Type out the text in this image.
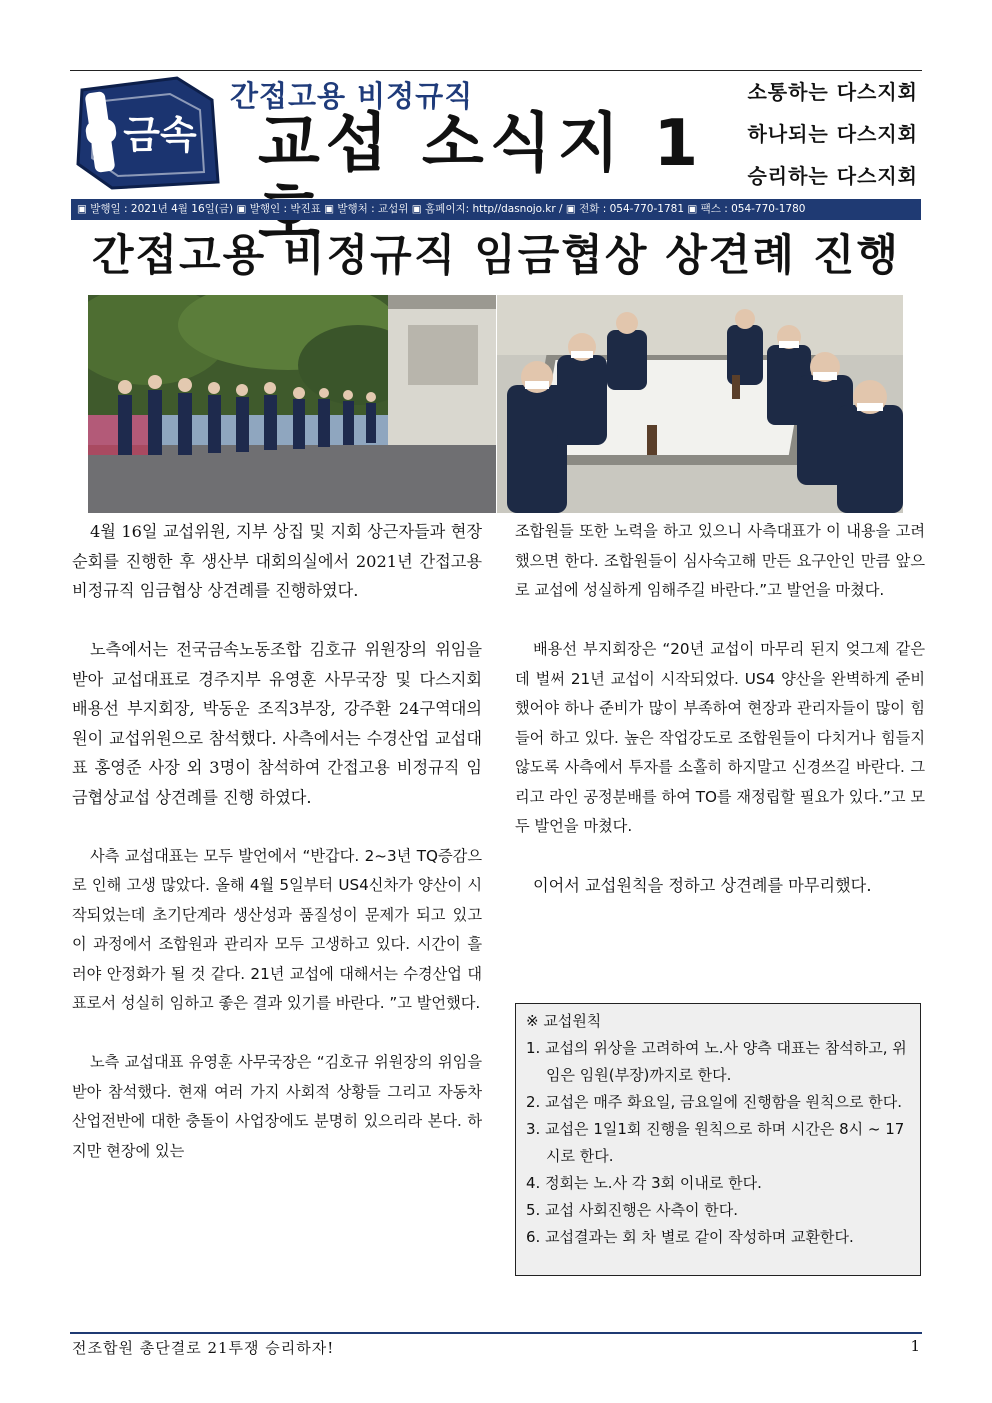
금속
간접고용 비정규직
교섭 소식지 1
소통하는 다스지회
하나되는 다스지회
승리하는 다스지회
▣ 발행일 : 2021년 4월 16일(금) ▣ 발행인 : 박진표 ▣ 발행처 : 교섭위 ▣ 홈페이지: http//dasnojo.kr / ▣ 전화 : 054-770-1781 ▣ 팩스 : 054-770-1780
간접고용 비정규직 임금협상 상견례 진행

4월 16일 교섭위원, 지부 상집 및 지회 상근자들과 현장순회를 진행한 후 생산부 대회의실에서 2021년 간접고용 비정규직 임금협상 상견례를 진행하였다.

노측에서는 전국금속노동조합 김호규 위원장의 위임을 받아 교섭대표로 경주지부 유영훈 사무국장 및 다스지회 배용선 부지회장, 박동운 조직3부장, 강주환 24구역대의원이 교섭위원으로 참석했다. 사측에서는 수경산업 교섭대표 홍영준 사장 외 3명이 참석하여 간접고용 비정규직 임금협상교섭 상견례를 진행 하였다.

사측 교섭대표는 모두 발언에서 “반갑다. 2~3년 TQ증감으로 인해 고생 많았다. 올해 4월 5일부터 US4신차가 양산이 시작되었는데 초기단계라 생산성과 품질성이 문제가 되고 있고 이 과정에서 조합원과 관리자 모두 고생하고 있다. 시간이 흘러야 안정화가 될 것 같다. 21년 교섭에 대해서는 수경산업 대표로서 성실히 임하고 좋은 결과 있기를 바란다. ”고 발언했다.

노측 교섭대표 유영훈 사무국장은 “김호규 위원장의 위임을 받아 참석했다. 현재 여러 가지 사회적 상황들 그리고 자동차 산업전반에 대한 충돌이 사업장에도 분명히 있으리라 본다. 하지만 현장에 있는

조합원들 또한 노력을 하고 있으니 사측대표가 이 내용을 고려했으면 한다. 조합원들이 심사숙고해 만든 요구안인 만큼 앞으로 교섭에 성실하게 임해주길 바란다.”고 발언을 마쳤다.

배용선 부지회장은 “20년 교섭이 마무리 된지 엊그제 같은데 벌써 21년 교섭이 시작되었다. US4 양산을 완벽하게 준비했어야 하나 준비가 많이 부족하여 현장과 관리자들이 많이 힘들어 하고 있다. 높은 작업강도로 조합원들이 다치거나 힘들지 않도록 사측에서 투자를 소홀히 하지말고 신경쓰길 바란다. 그리고 라인 공정분배를 하여 TO를 재정립할 필요가 있다.”고 모두 발언을 마쳤다.

이어서 교섭원칙을 정하고 상견례를 마무리했다.

※ 교섭원칙

1. 교섭의 위상을 고려하여 노.사 양측 대표는 참석하고, 위임은 임원(부장)까지로 한다.
2. 교섭은 매주 화요일, 금요일에 진행함을 원칙으로 한다.
3. 교섭은 1일1회 진행을 원칙으로 하며 시간은 8시 ~ 17시로 한다.
4. 정회는 노.사 각 3회 이내로 한다.
5. 교섭 사회진행은 사측이 한다.
6. 교섭결과는 회 차 별로 같이 작성하며 교환한다.
전조합원 총단결로 21투쟁 승리하자!	1
